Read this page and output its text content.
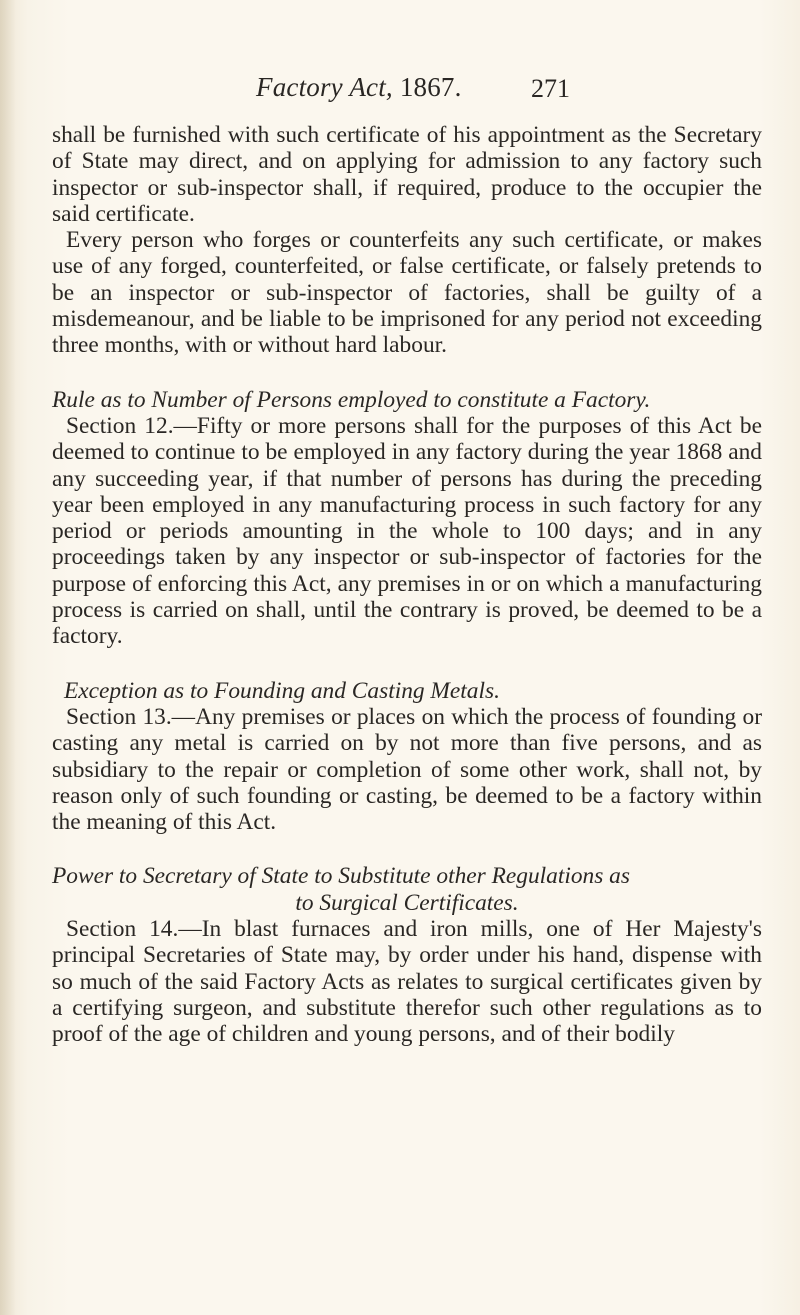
Factory Act, 1867.	271

shall be furnished with such certificate of his appointment as the Secretary of State may direct, and on applying for admission to any factory such inspector or sub-inspector shall, if required, produce to the occupier the said certificate.

Every person who forges or counterfeits any such certificate, or makes use of any forged, counterfeited, or false certificate, or falsely pretends to be an inspector or sub-inspector of factories, shall be guilty of a misdemeanour, and be liable to be imprisoned for any period not exceeding three months, with or without hard labour.

Rule as to Number of Persons employed to constitute a Factory.

Section 12.—Fifty or more persons shall for the purposes of this Act be deemed to continue to be employed in any factory during the year 1868 and any succeeding year, if that number of persons has during the preceding year been employed in any manufacturing process in such factory for any period or periods amounting in the whole to 100 days; and in any proceedings taken by any inspector or sub-inspector of factories for the purpose of enforcing this Act, any premises in or on which a manufacturing process is carried on shall, until the contrary is proved, be deemed to be a factory.

Exception as to Founding and Casting Metals.

Section 13.—Any premises or places on which the process of founding or casting any metal is carried on by not more than five persons, and as subsidiary to the repair or completion of some other work, shall not, by reason only of such founding or casting, be deemed to be a factory within the meaning of this Act.

Power to Secretary of State to Substitute other Regulations as

to Surgical Certificates.

Section 14.—In blast furnaces and iron mills, one of Her Majesty's principal Secretaries of State may, by order under his hand, dispense with so much of the said Factory Acts as relates to surgical certificates given by a certifying surgeon, and substitute therefor such other regulations as to proof of the age of children and young persons, and of their bodily
